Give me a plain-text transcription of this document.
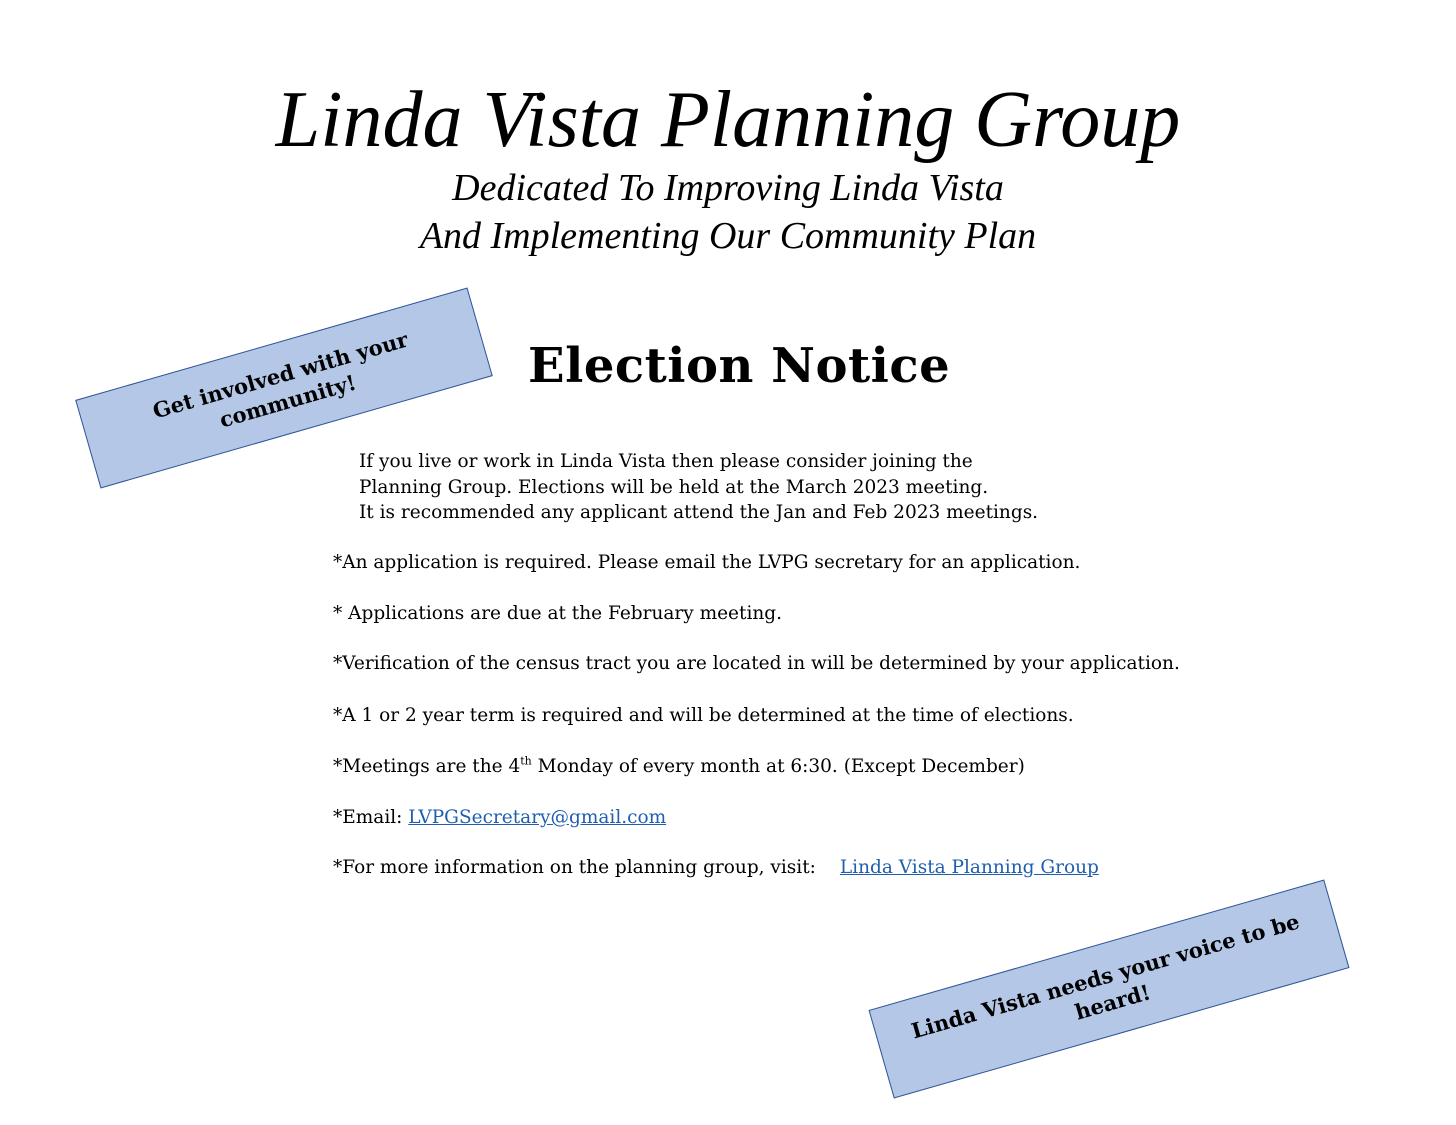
Linda Vista Planning Group

Dedicated To Improving Linda Vista

And Implementing Our Community Plan

Get involved with your community!
Election Notice
If you live or work in Linda Vista then please consider joining the
Planning Group. Elections will be held at the March 2023 meeting.
It is recommended any applicant attend the Jan and Feb 2023 meetings.

*An application is required. Please email the LVPG secretary for an application.

* Applications are due at the February meeting.

*Verification of the census tract you are located in will be determined by your application.

*A 1 or 2 year term is required and will be determined at the time of elections.

*Meetings are the 4th Monday of every month at 6:30. (Except December)

*Email: LVPGSecretary@gmail.com

*For more information on the planning group, visit: Linda Vista Planning Group

Linda Vista needs your voice to be heard!
